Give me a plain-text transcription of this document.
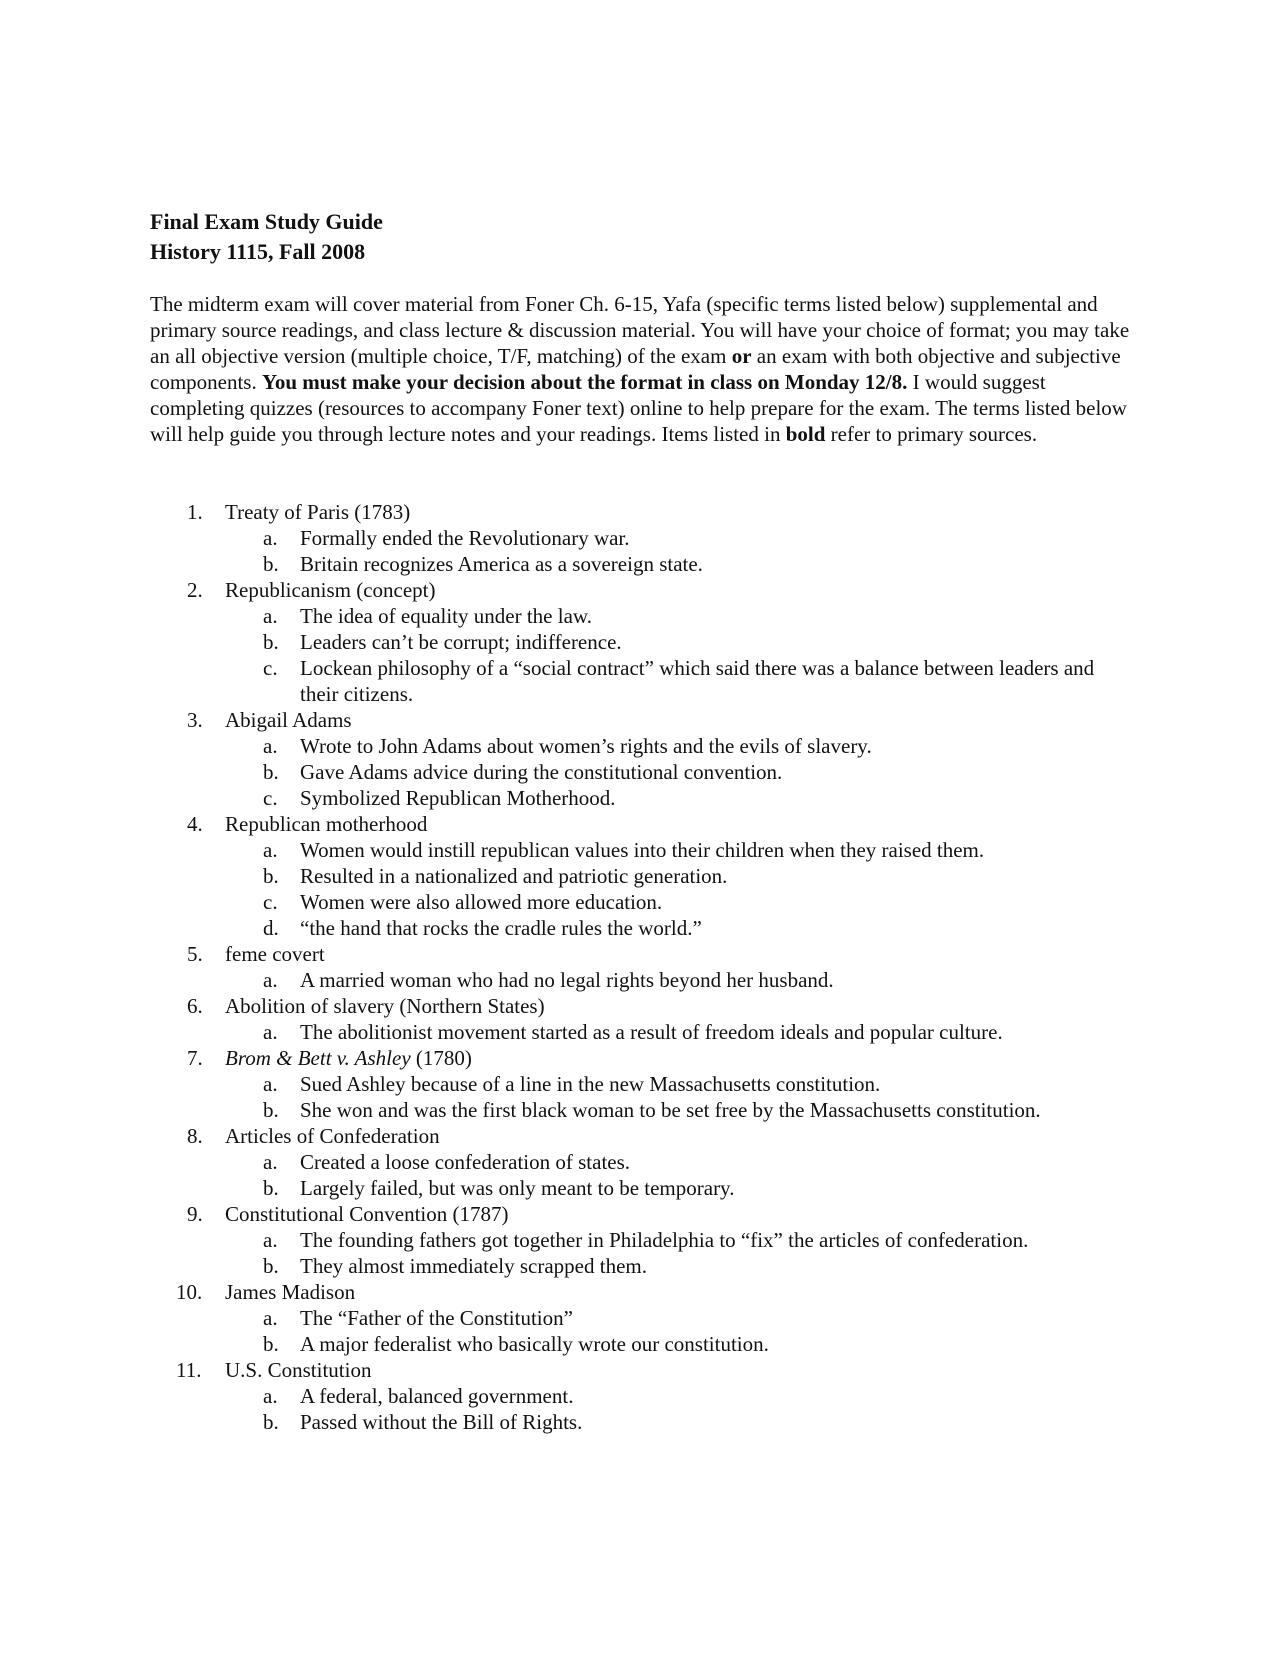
Final Exam Study Guide
History 1115, Fall 2008
The midterm exam will cover material from Foner Ch. 6-15, Yafa (specific terms listed below) supplemental and primary source readings, and class lecture & discussion material. You will have your choice of format; you may take an all objective version (multiple choice, T/F, matching) of the exam or an exam with both objective and subjective components. You must make your decision about the format in class on Monday 12/8. I would suggest completing quizzes (resources to accompany Foner text) online to help prepare for the exam. The terms listed below will help guide you through lecture notes and your readings. Items listed in bold refer to primary sources.
1. Treaty of Paris (1783)
a. Formally ended the Revolutionary war.
b. Britain recognizes America as a sovereign state.
2. Republicanism (concept)
a. The idea of equality under the law.
b. Leaders can’t be corrupt; indifference.
c. Lockean philosophy of a “social contract” which said there was a balance between leaders and their citizens.
3. Abigail Adams
a. Wrote to John Adams about women’s rights and the evils of slavery.
b. Gave Adams advice during the constitutional convention.
c. Symbolized Republican Motherhood.
4. Republican motherhood
a. Women would instill republican values into their children when they raised them.
b. Resulted in a nationalized and patriotic generation.
c. Women were also allowed more education.
d. “the hand that rocks the cradle rules the world.”
5. feme covert
a. A married woman who had no legal rights beyond her husband.
6. Abolition of slavery (Northern States)
a. The abolitionist movement started as a result of freedom ideals and popular culture.
7. Brom & Bett v. Ashley (1780)
a. Sued Ashley because of a line in the new Massachusetts constitution.
b. She won and was the first black woman to be set free by the Massachusetts constitution.
8. Articles of Confederation
a. Created a loose confederation of states.
b. Largely failed, but was only meant to be temporary.
9. Constitutional Convention (1787)
a. The founding fathers got together in Philadelphia to “fix” the articles of confederation.
b. They almost immediately scrapped them.
10. James Madison
a. The “Father of the Constitution”
b. A major federalist who basically wrote our constitution.
11. U.S. Constitution
a. A federal, balanced government.
b. Passed without the Bill of Rights.
